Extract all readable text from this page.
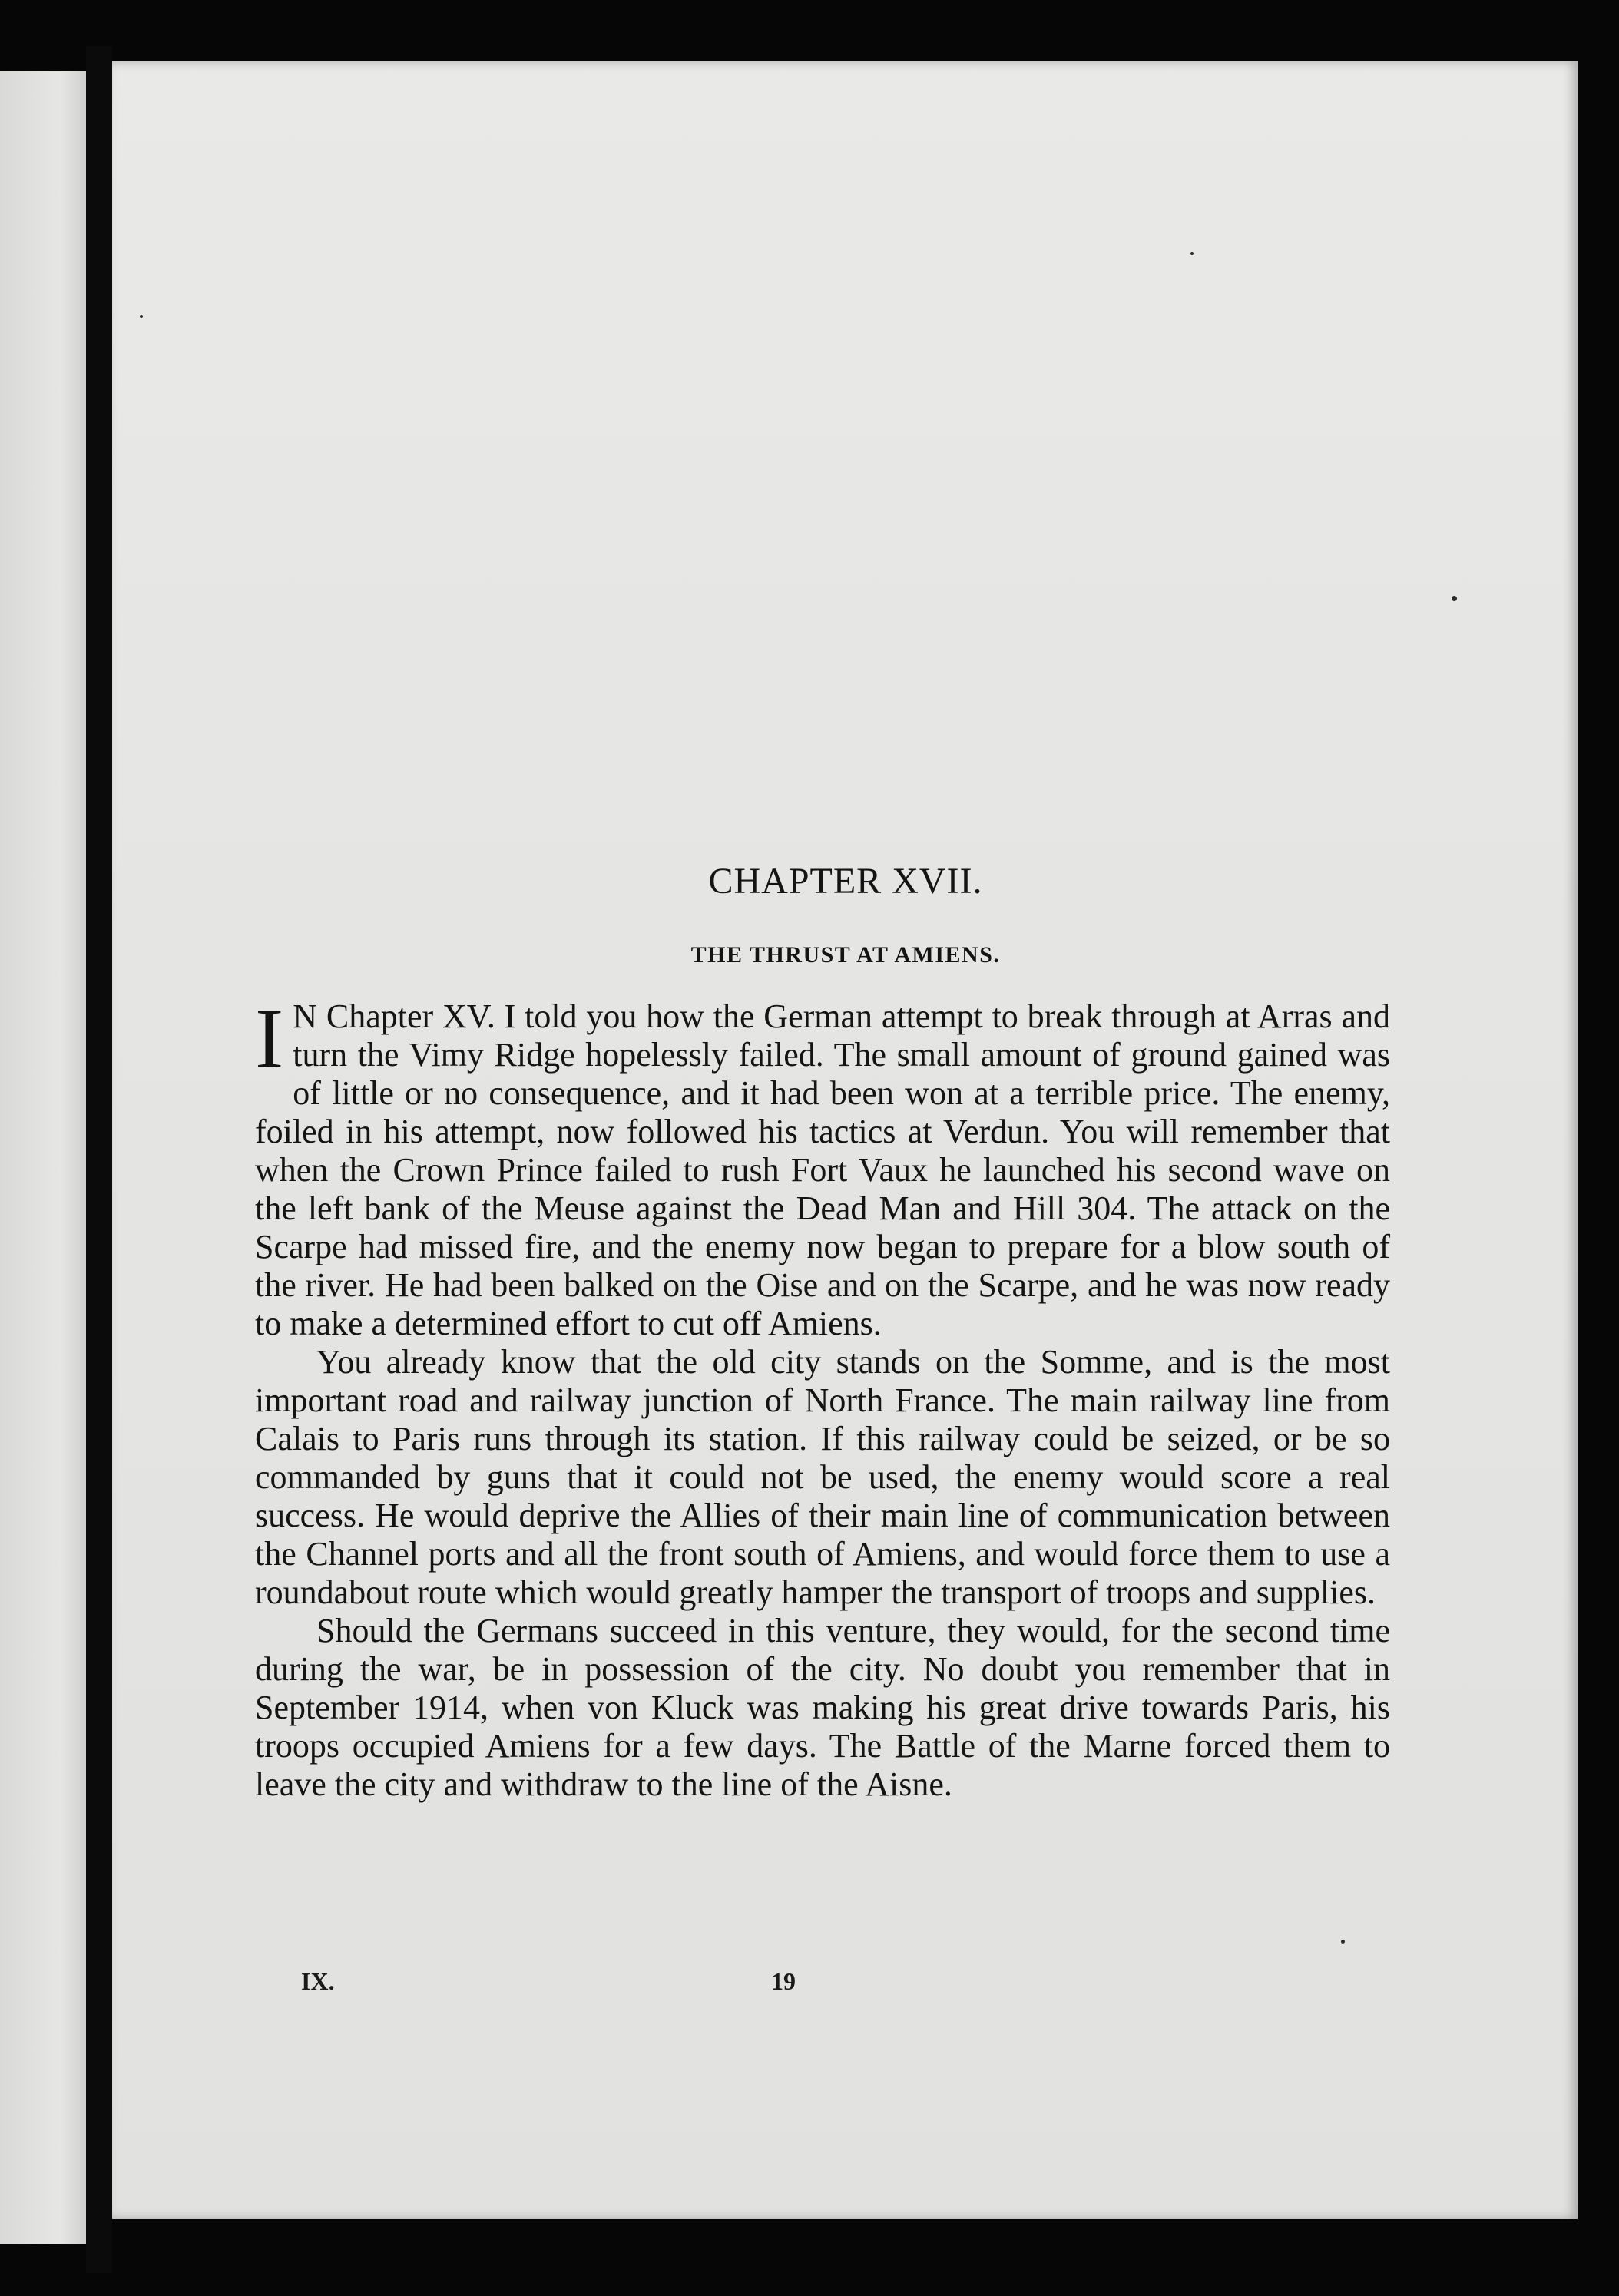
CHAPTER XVII.
THE THRUST AT AMIENS.

I N Chapter XV. I told you how the German attempt to break through at Arras and turn the Vimy Ridge hopelessly failed. The small amount of ground gained was of little or no consequence, and it had been won at a terrible price. The enemy, foiled in his attempt, now followed his tactics at Verdun. You will remember that when the Crown Prince failed to rush Fort Vaux he launched his second wave on the left bank of the Meuse against the Dead Man and Hill 304. The attack on the Scarpe had missed fire, and the enemy now began to prepare for a blow south of the river. He had been balked on the Oise and on the Scarpe, and he was now ready to make a determined effort to cut off Amiens.

You already know that the old city stands on the Somme, and is the most important road and railway junction of North France. The main railway line from Calais to Paris runs through its station. If this railway could be seized, or be so commanded by guns that it could not be used, the enemy would score a real success. He would deprive the Allies of their main line of communication between the Channel ports and all the front south of Amiens, and would force them to use a roundabout route which would greatly hamper the transport of troops and supplies.

Should the Germans succeed in this venture, they would, for the second time during the war, be in possession of the city. No doubt you remember that in September 1914, when von Kluck was making his great drive towards Paris, his troops occupied Amiens for a few days. The Battle of the Marne forced them to leave the city and withdraw to the line of the Aisne.

IX.	19
